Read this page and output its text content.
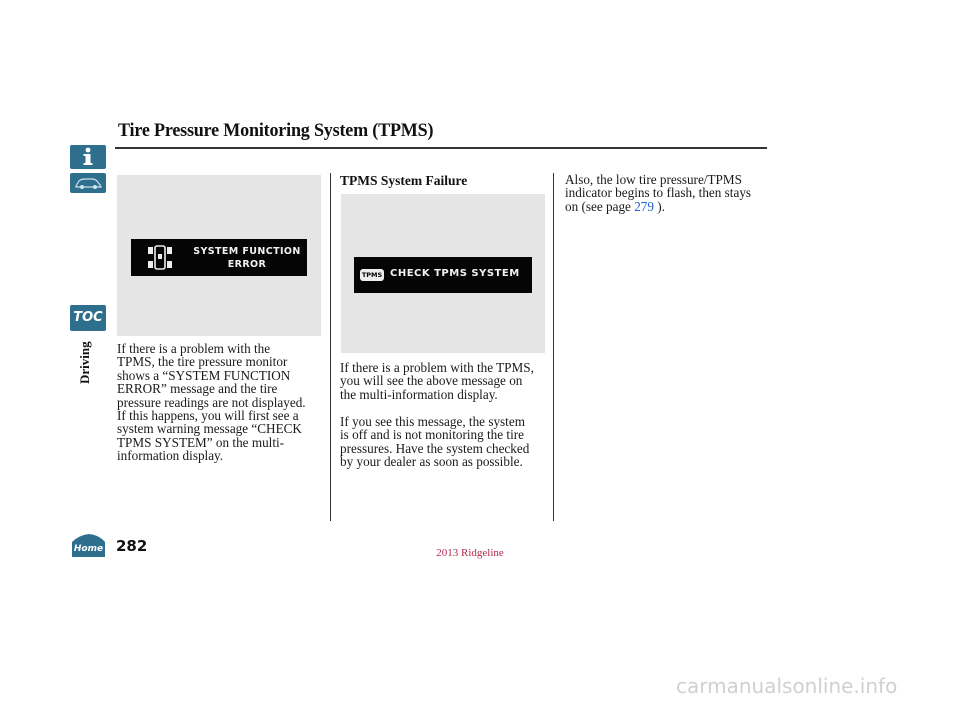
TOC
Driving
Home
Tire Pressure Monitoring System (TPMS)
SYSTEM FUNCTION
ERROR
If there is a problem with the
TPMS, the tire pressure monitor
shows a “SYSTEM FUNCTION
ERROR” message and the tire
pressure readings are not displayed.
If this happens, you will first see a
system warning message “CHECK
TPMS SYSTEM” on the multi-
information display.
TPMS System Failure
TPMS CHECK TPMS SYSTEM
If there is a problem with the TPMS,
you will see the above message on
the multi-information display.
If you see this message, the system
is off and is not monitoring the tire
pressures. Have the system checked
by your dealer as soon as possible.
Also, the low tire pressure/TPMS
indicator begins to flash, then stays
on (see page 279 ).
282	2013 Ridgeline
carmanualsonline.info
